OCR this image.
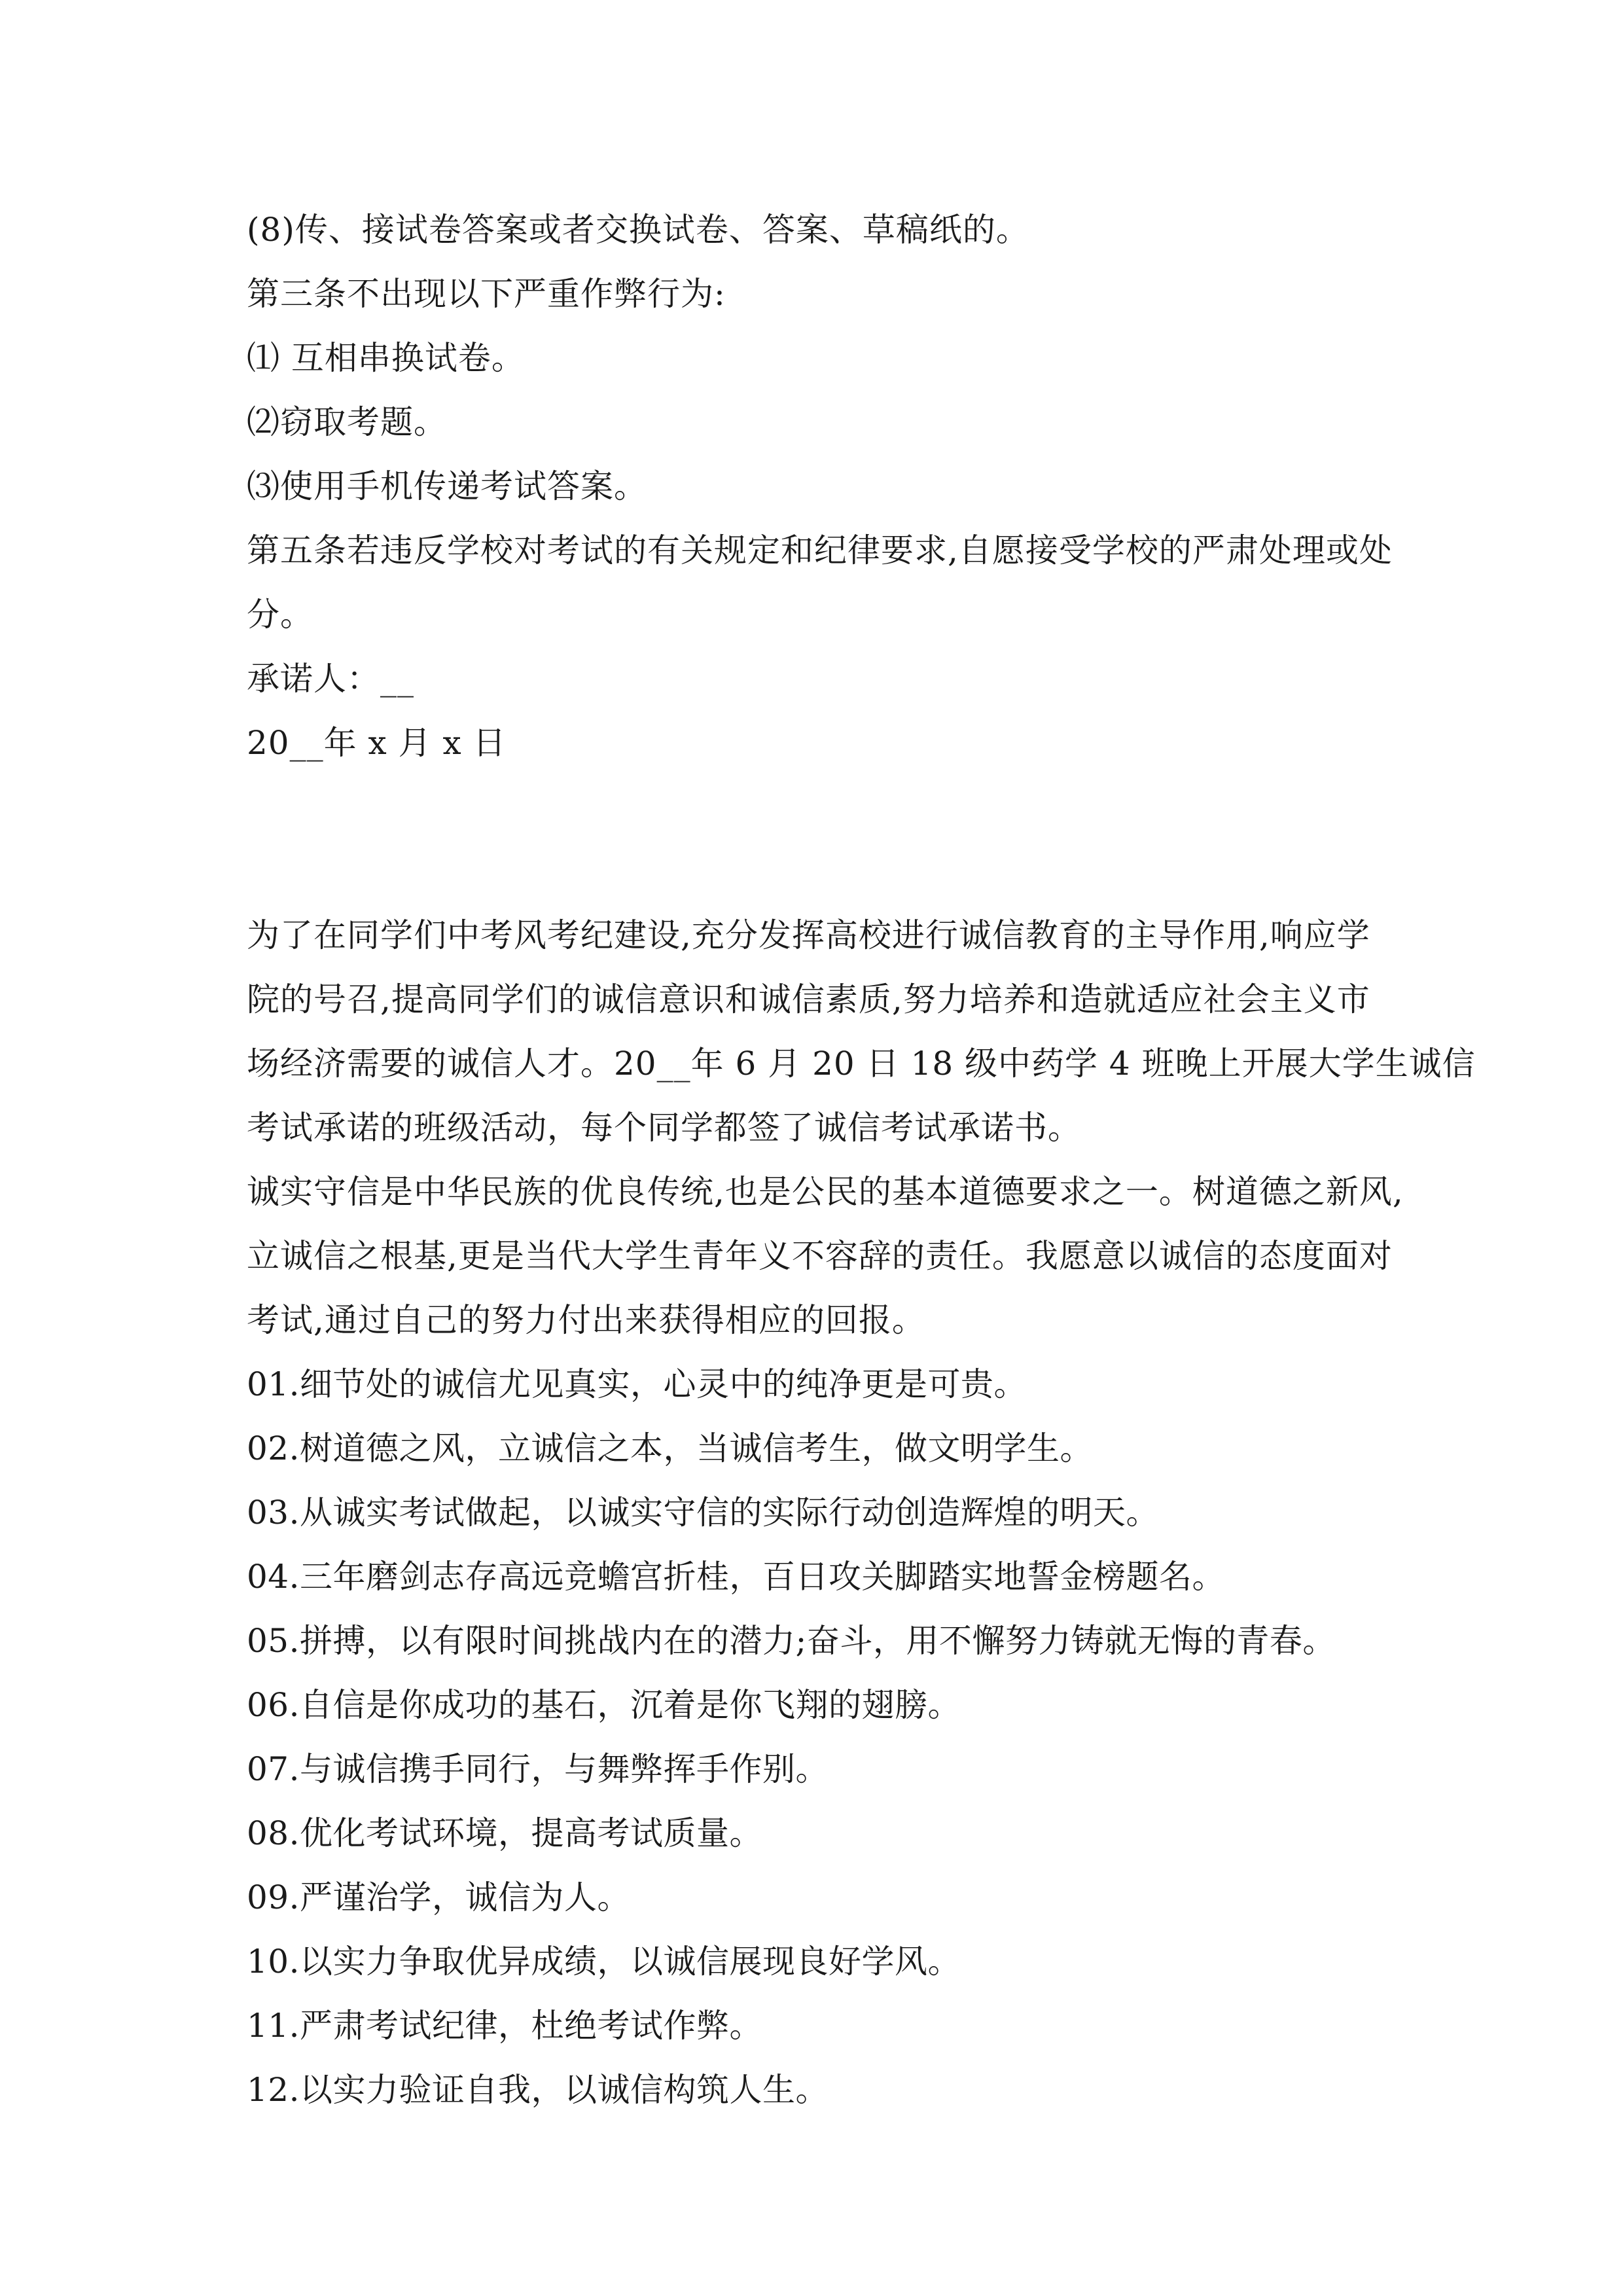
(8)传、接试卷答案或者交换试卷、答案、草稿纸的。
第三条不出现以下严重作弊行为:
⑴ 互相串换试卷。
⑵窃取考题。
⑶使用手机传递考试答案。
第五条若违反学校对考试的有关规定和纪律要求,自愿接受学校的严肃处理或处
分。
承诺人：__
20__年 x 月 x 日
为了在同学们中考风考纪建设,充分发挥高校进行诚信教育的主导作用,响应学
院的号召,提高同学们的诚信意识和诚信素质,努力培养和造就适应社会主义市
场经济需要的诚信人才。20__年 6 月 20 日 18 级中药学 4 班晚上开展大学生诚信
考试承诺的班级活动，每个同学都签了诚信考试承诺书。
诚实守信是中华民族的优良传统,也是公民的基本道德要求之一。树道德之新风,
立诚信之根基,更是当代大学生青年义不容辞的责任。我愿意以诚信的态度面对
考试,通过自己的努力付出来获得相应的回报。
01.细节处的诚信尤见真实，心灵中的纯净更是可贵。
02.树道德之风，立诚信之本，当诚信考生，做文明学生。
03.从诚实考试做起，以诚实守信的实际行动创造辉煌的明天。
04.三年磨剑志存高远竞蟾宫折桂，百日攻关脚踏实地誓金榜题名。
05.拼搏，以有限时间挑战内在的潜力;奋斗，用不懈努力铸就无悔的青春。
06.自信是你成功的基石，沉着是你飞翔的翅膀。
07.与诚信携手同行，与舞弊挥手作别。
08.优化考试环境，提高考试质量。
09.严谨治学，诚信为人。
10.以实力争取优异成绩，以诚信展现良好学风。
11.严肃考试纪律，杜绝考试作弊。
12.以实力验证自我，以诚信构筑人生。
